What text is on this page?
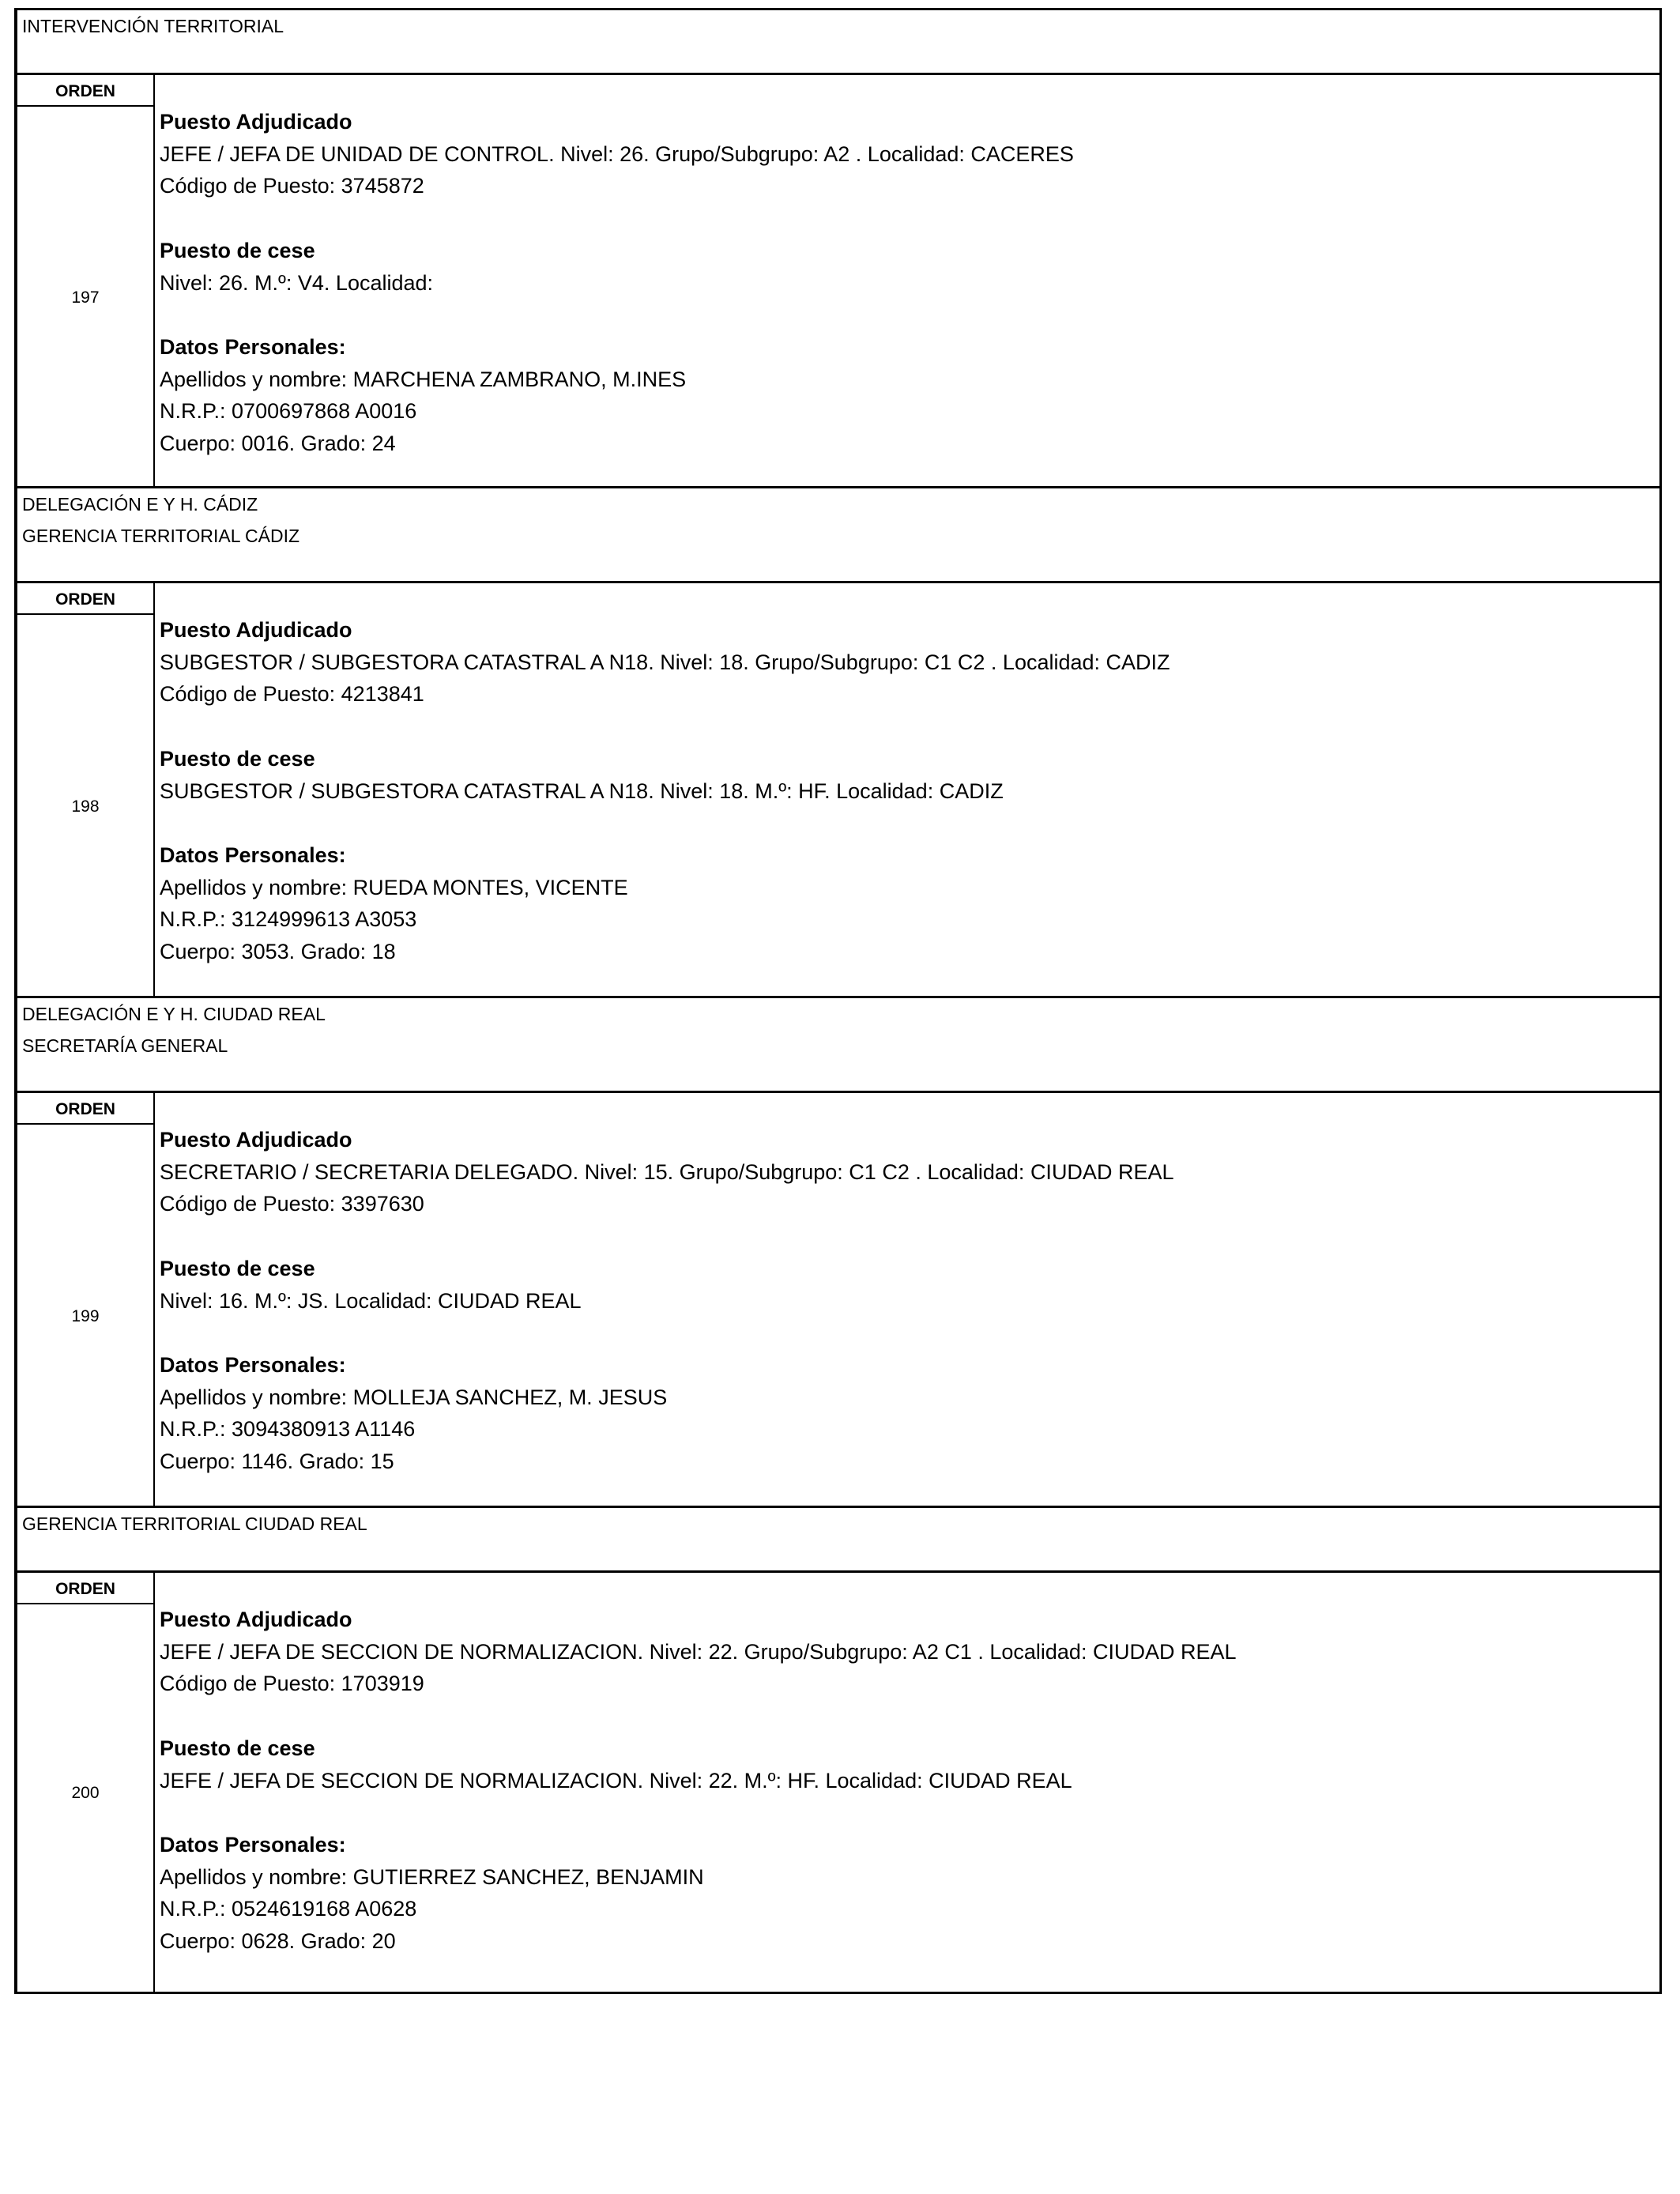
INTERVENCIÓN TERRITORIAL
ORDEN
197
Puesto Adjudicado
JEFE / JEFA DE UNIDAD DE CONTROL. Nivel: 26. Grupo/Subgrupo: A2 . Localidad: CACERES
Código de Puesto: 3745872
Puesto de cese
Nivel: 26. M.º: V4. Localidad:
Datos Personales:
Apellidos y nombre: MARCHENA ZAMBRANO, M.INES
N.R.P.: 0700697868 A0016
Cuerpo: 0016. Grado: 24
DELEGACIÓN E Y H. CÁDIZ
GERENCIA TERRITORIAL CÁDIZ
ORDEN
198
Puesto Adjudicado
SUBGESTOR / SUBGESTORA CATASTRAL A N18. Nivel: 18. Grupo/Subgrupo: C1 C2 . Localidad: CADIZ
Código de Puesto: 4213841
Puesto de cese
SUBGESTOR / SUBGESTORA CATASTRAL A N18. Nivel: 18. M.º: HF. Localidad: CADIZ
Datos Personales:
Apellidos y nombre: RUEDA MONTES, VICENTE
N.R.P.: 3124999613 A3053
Cuerpo: 3053. Grado: 18
DELEGACIÓN E Y H. CIUDAD REAL
SECRETARÍA GENERAL
ORDEN
199
Puesto Adjudicado
SECRETARIO / SECRETARIA DELEGADO. Nivel: 15. Grupo/Subgrupo: C1 C2 . Localidad: CIUDAD REAL
Código de Puesto: 3397630
Puesto de cese
Nivel: 16. M.º: JS. Localidad: CIUDAD REAL
Datos Personales:
Apellidos y nombre: MOLLEJA SANCHEZ, M. JESUS
N.R.P.: 3094380913 A1146
Cuerpo: 1146. Grado: 15
GERENCIA TERRITORIAL CIUDAD REAL
ORDEN
200
Puesto Adjudicado
JEFE / JEFA DE SECCION DE NORMALIZACION. Nivel: 22. Grupo/Subgrupo: A2 C1 . Localidad: CIUDAD REAL
Código de Puesto: 1703919
Puesto de cese
JEFE / JEFA DE SECCION DE NORMALIZACION. Nivel: 22. M.º: HF. Localidad: CIUDAD REAL
Datos Personales:
Apellidos y nombre: GUTIERREZ SANCHEZ, BENJAMIN
N.R.P.: 0524619168 A0628
Cuerpo: 0628. Grado: 20
